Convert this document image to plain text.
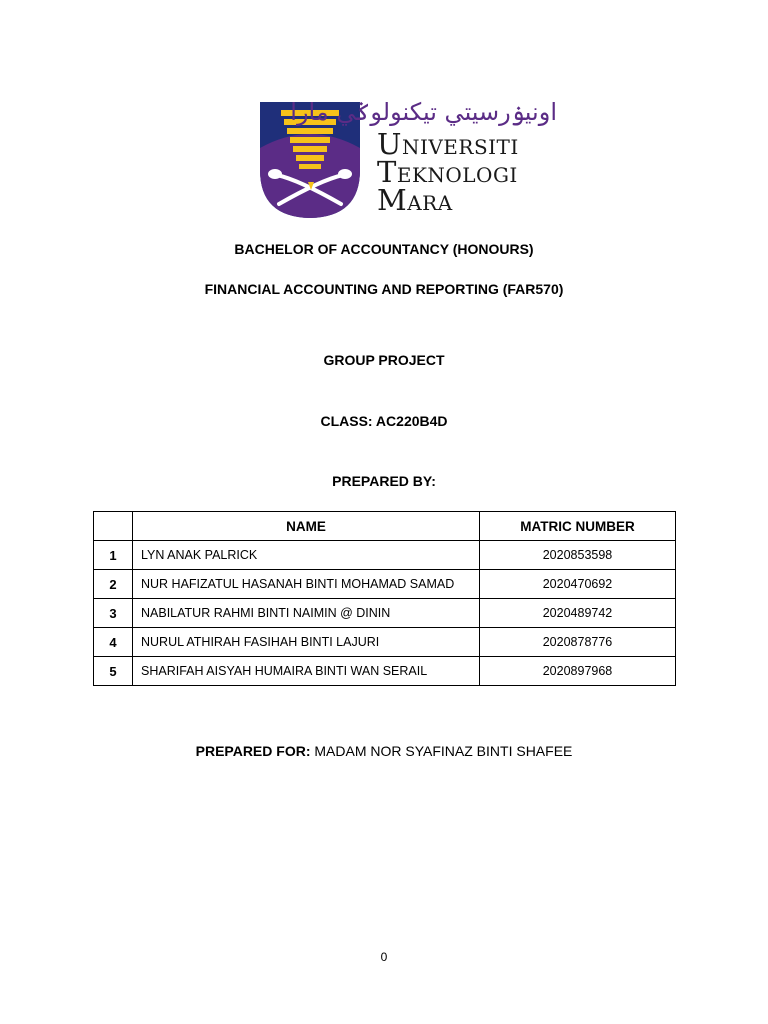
اونيۏرسيتي تيكنولوݢي مارا
Universiti
Teknologi
Mara
BACHELOR OF ACCOUNTANCY (HONOURS)
FINANCIAL ACCOUNTING AND REPORTING (FAR570)
GROUP PROJECT
CLASS: AC220B4D
PREPARED BY:
	NAME	MATRIC NUMBER
1	LYN ANAK PALRICK	2020853598
2	NUR HAFIZATUL HASANAH BINTI MOHAMAD SAMAD	2020470692
3	NABILATUR RAHMI BINTI NAIMIN @ DININ	2020489742
4	NURUL ATHIRAH FASIHAH BINTI LAJURI	2020878776
5	SHARIFAH AISYAH HUMAIRA BINTI WAN SERAIL	2020897968
PREPARED FOR: MADAM NOR SYAFINAZ BINTI SHAFEE
0
